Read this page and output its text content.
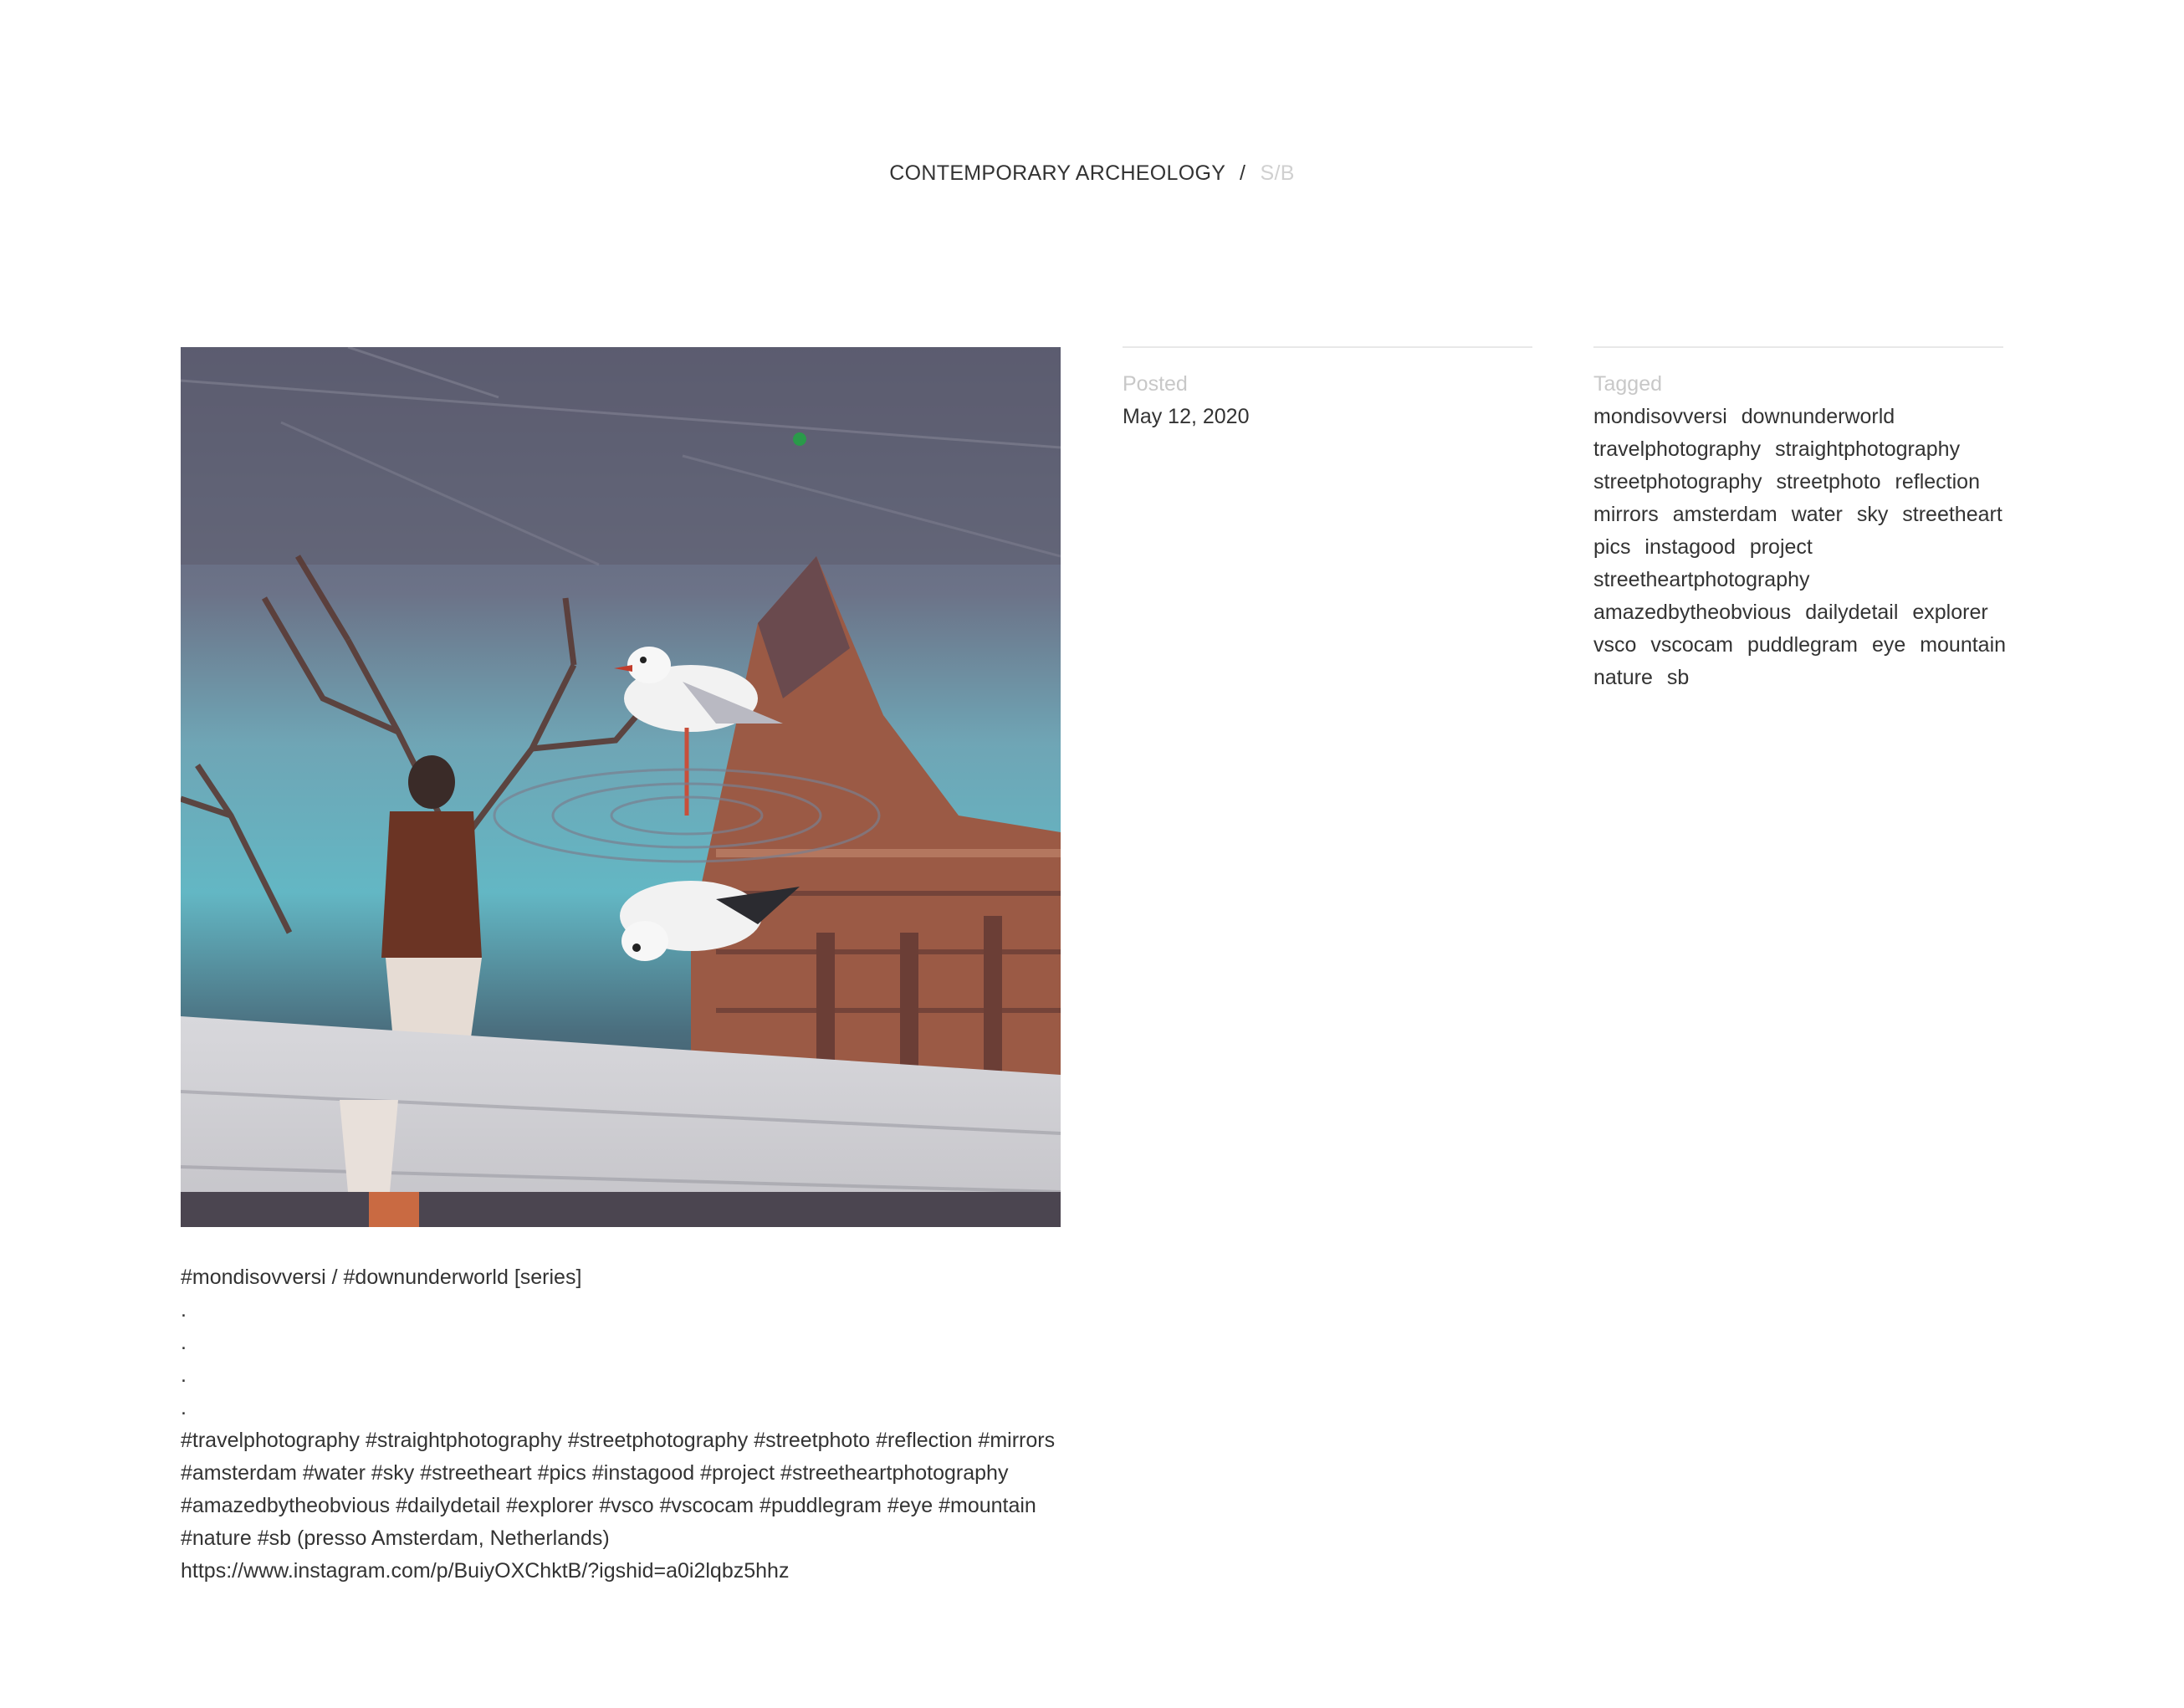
CONTEMPORARY ARCHEOLOGY / S/B
#mondisovversi / #downunderworld [series]
.
.
.
.
#travelphotography #straightphotography #streetphotography #streetphoto #reflection #mirrors
#amsterdam #water #sky #streetheart #pics #instagood #project #streetheartphotography
#amazedbytheobvious #dailydetail #explorer #vsco #vscocam #puddlegram #eye #mountain
#nature #sb (presso Amsterdam, Netherlands)
https://www.instagram.com/p/BuiyOXChktB/?igshid=a0i2lqbz5hhz
Posted
May 12, 2020
Tagged
mondisovversi downunderworld
travelphotography straightphotography
streetphotography streetphoto reflection
mirrors amsterdam water sky streetheart
pics instagood project
streetheartphotography
amazedbytheobvious dailydetail explorer
vsco vscocam puddlegram eye mountain
nature sb
